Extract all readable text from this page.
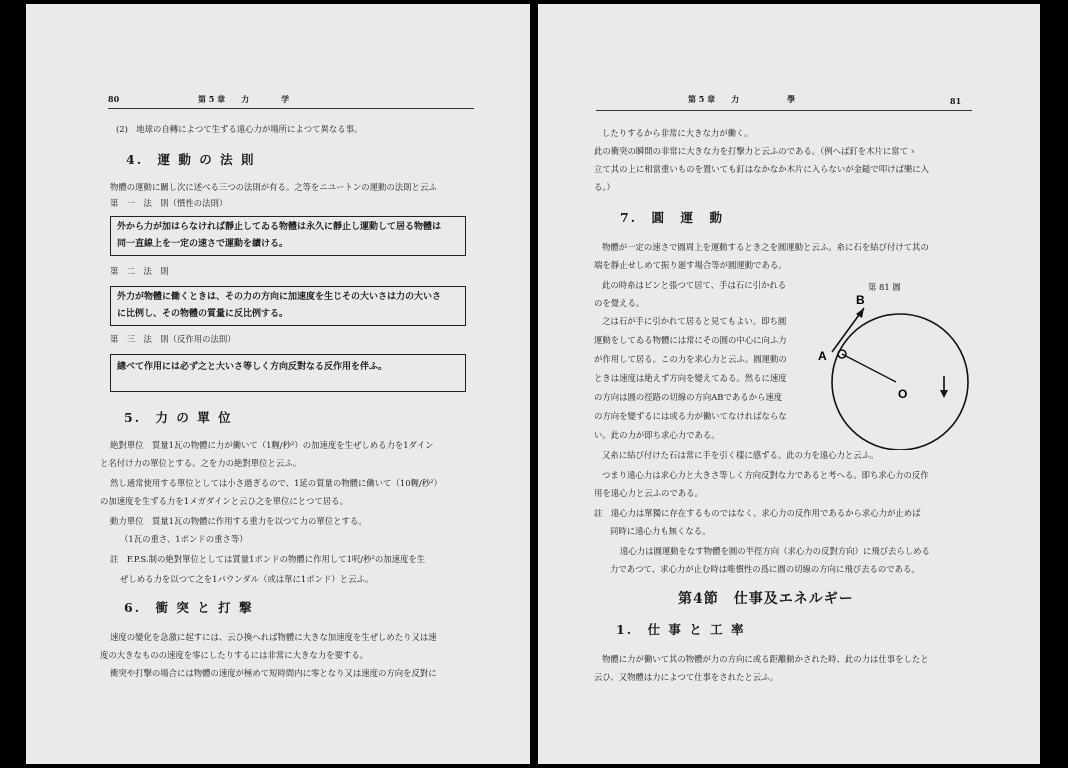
80	第 5 章　　力　　　　学
(2)　地球の自轉によつて生ずる遠心力が場所によつて異なる事。
4.　運 動 の 法 則
物體の運動に關し次に述べる三つの法則が有る。之等をニユートンの運動の法則と云ふ
第　一　法　則（慣性の法則）
外から力が加はらなければ靜止してゐる物體は永久に靜止し運動して居る物體は
同一直線上を一定の速さで運動を續ける。
第　二　法　則
外力が物體に働くときは、その力の方向に加速度を生じその大いさは力の大いさ
に比例し、その物體の質量に反比例する。
第　三　法　則（反作用の法則）
總べて作用には必ず之と大いさ等しく方向反對なる反作用を伴ふ。
5.　力 の 單 位
絶對單位　質量1瓦の物體に力が働いて（1糎/秒²）の加速度を生ぜしめる力を1ダイン
と名付け力の單位とする。之を力の絶對單位と云ふ。
然し通常使用する單位としては小さ過ぎるので、1延の質量の物體に働いて（10糎/秒²）
の加速度を生ずる力を1メガダインと云ひ之を單位にとつて居る。
動力單位　質量1瓦の物體に作用する重力を以つて力の單位とする。
（1瓦の重さ、1ポンドの重さ等）
註　F.P.S.制の絶對單位としては質量1ポンドの物體に作用して1呎/秒²の加速度を生
ぜしめる力を以つて之を1パウンダル（或は單に1ポンド）と云ふ。
6.　衝 突 と 打 撃
速度の變化を急激に起すには、云ひ換へれば物體に大きな加速度を生ぜしめたり又は速
度の大きなものの速度を零にしたりするには非常に大きな力を要する。
衝突や打撃の場合には物體の速度が極めて短時間内に零となり又は速度の方向を反對に
第 5 章　　力　　　　　　學	81
したりするから非常に大きな力が働く。
此の衝突の瞬間の非常に大きな力を打撃力と云ふのである。（例へば釘を木片に當てゝ
立て其の上に相當重いものを置いても釘はなかなか木片に入らないが金鎚で叩けば樂に入
る。）
7.　圓　運　動
物體が一定の速さで圓周上を運動するとき之を圓運動と云ふ。糸に石を結び付けて其の
端を靜止せしめて振り廻す場合等が圓運動である。
此の時糸はピンと張つて居て、手は石に引かれる
のを覺える。
之は石が手に引かれて居ると見てもよい。即ち圓
運動をしてゐる物體には常にその圓の中心に向ふ力
が作用して居る。この力を求心力と云ふ。圓運動の
ときは速度は絶えず方向を變えてゐる。然るに速度
の方向は圓の徑路の切線の方向ABであるから速度
の方向を變ずるには或る力が働いてなければならな
い。此の力が即ち求心力である。
第 81 圖
A
B
O
又糸に結び付けた石は常に手を引く樣に感ずる。此の力を遠心力と云ふ。
つまり遠心力は求心力と大きさ等しく方向反對な力であると考へる。即ち求心力の反作
用を遠心力と云ふのである。
註　遠心力は單獨に存在するものではなく、求心力の反作用であるから求心力が止めば
同時に遠心力も無くなる。
遠心力は圓運動をなす物體を圓の半徑方向（求心力の反對方向）に飛び去らしめる
力であつて、求心力が止む時は唯慣性の爲に圓の切線の方向に飛び去るのである。
第4節　仕事及エネルギー
1.　仕 事 と 工 率
物體に力が働いて其の物體が力の方向に或る距離動かされた時、此の力は仕事をしたと
云ひ、又物體は力によつて仕事をされたと云ふ。
